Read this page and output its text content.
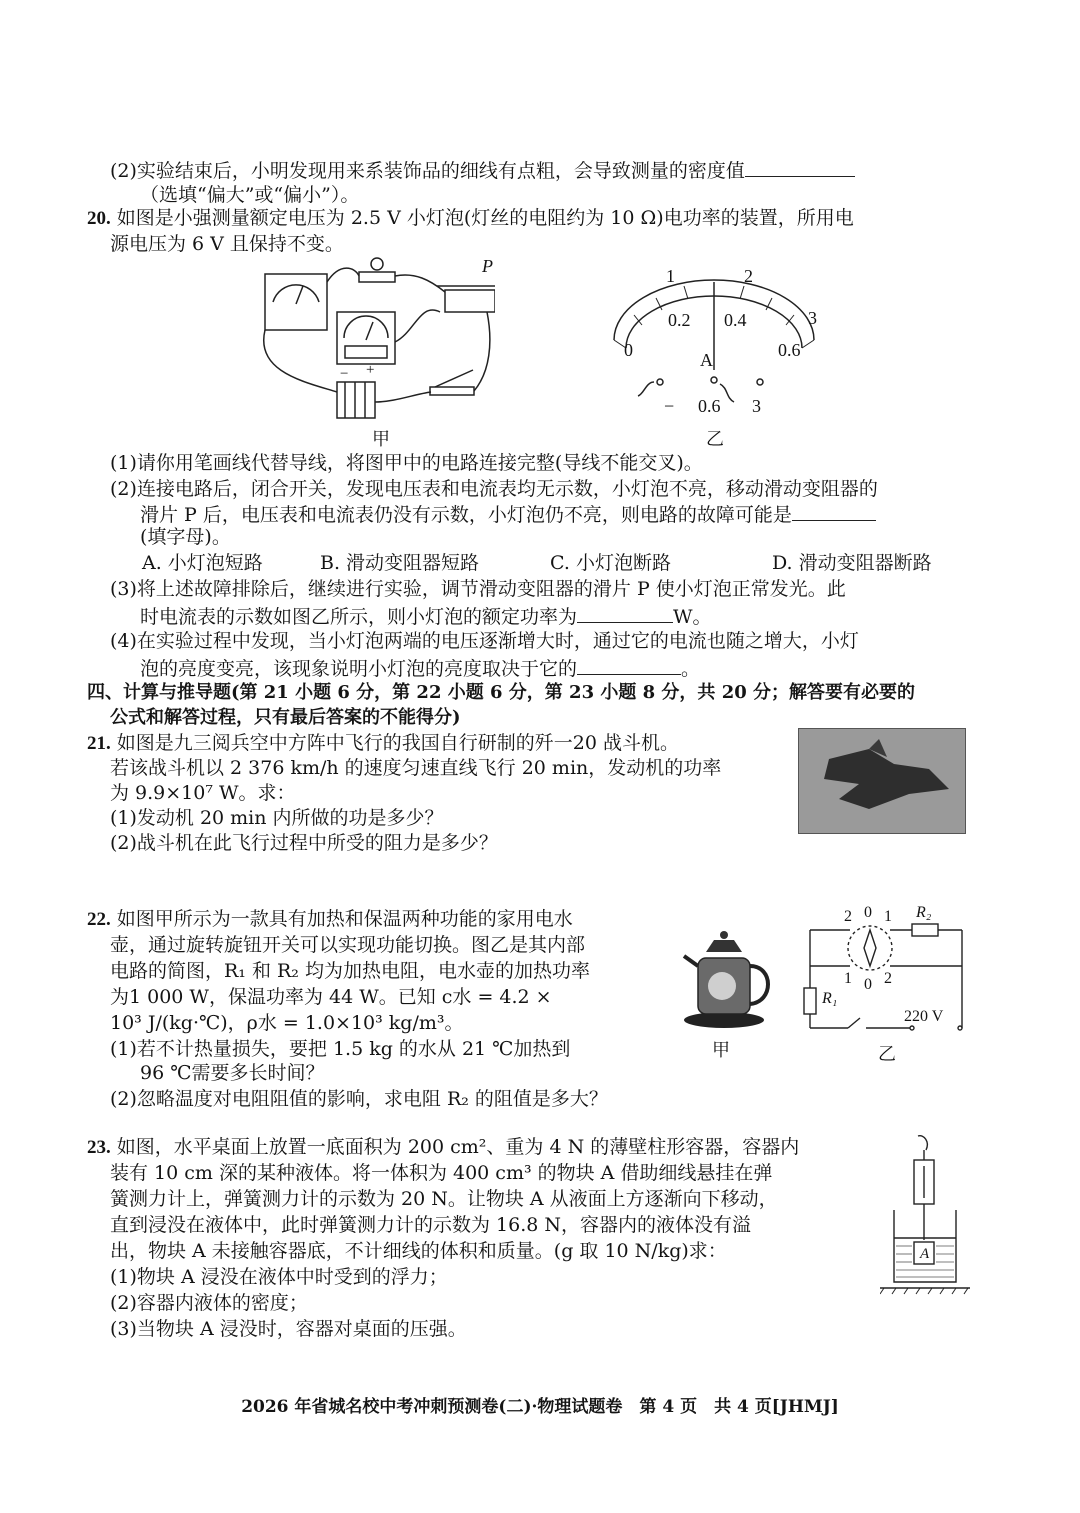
(2)实验结束后，小明发现用来系装饰品的细线有点粗，会导致测量的密度值
（选填“偏大”或“偏小”）。
20. 如图是小强测量额定电压为 2.5 V 小灯泡(灯丝的电阻约为 10 Ω)电功率的装置，所用电
源电压为 6 V 且保持不变。
P
− +
甲
1	2
3
0
0.2 0.4
0.6
A
− 0.6 3
乙
(1)请你用笔画线代替导线，将图甲中的电路连接完整(导线不能交叉)。
(2)连接电路后，闭合开关，发现电压表和电流表均无示数，小灯泡不亮，移动滑动变阻器的
滑片 P 后，电压表和电流表仍没有示数，小灯泡仍不亮，则电路的故障可能是
(填字母)。
A. 小灯泡短路	B. 滑动变阻器短路	C. 小灯泡断路	D. 滑动变阻器断路
(3)将上述故障排除后，继续进行实验，调节滑动变阻器的滑片 P 使小灯泡正常发光。此
时电流表的示数如图乙所示，则小灯泡的额定功率为	W。
(4)在实验过程中发现，当小灯泡两端的电压逐渐增大时，通过它的电流也随之增大，小灯
泡的亮度变亮，该现象说明小灯泡的亮度取决于它的	。
四、计算与推导题(第 21 小题 6 分，第 22 小题 6 分，第 23 小题 8 分，共 20 分；解答要有必要的
公式和解答过程，只有最后答案的不能得分)
21. 如图是九三阅兵空中方阵中飞行的我国自行研制的歼一20 战斗机。
若该战斗机以 2 376 km/h 的速度匀速直线飞行 20 min，发动机的功率
为 9.9×10⁷ W。求：
(1)发动机 20 min 内所做的功是多少？
(2)战斗机在此飞行过程中所受的阻力是多少？
22. 如图甲所示为一款具有加热和保温两种功能的家用电水
壶，通过旋转旋钮开关可以实现功能切换。图乙是其内部
电路的简图，R₁ 和 R₂ 均为加热电阻，电水壶的加热功率
为1 000 W，保温功率为 44 W。已知 c水 = 4.2 ×
10³ J/(kg·℃)，ρ水 = 1.0×10³ kg/m³。
(1)若不计热量损失，要把 1.5 kg 的水从 21 ℃加热到
96 ℃需要多长时间？
(2)忽略温度对电阻阻值的影响，求电阻 R₂ 的阻值是多大？
甲
2 0 1
1 0 2
R₂
R₁
220 V
乙
23. 如图，水平桌面上放置一底面积为 200 cm²、重为 4 N 的薄壁柱形容器，容器内
装有 10 cm 深的某种液体。将一体积为 400 cm³ 的物块 A 借助细线悬挂在弹
簧测力计上，弹簧测力计的示数为 20 N。让物块 A 从液面上方逐渐向下移动，
直到浸没在液体中，此时弹簧测力计的示数为 16.8 N，容器内的液体没有溢
出，物块 A 未接触容器底，不计细线的体积和质量。(g 取 10 N/kg)求：
(1)物块 A 浸没在液体中时受到的浮力；
(2)容器内液体的密度；
(3)当物块 A 浸没时，容器对桌面的压强。
A
2026 年省城名校中考冲刺预测卷(二)·物理试题卷　第 4 页　共 4 页[JHMJ]
